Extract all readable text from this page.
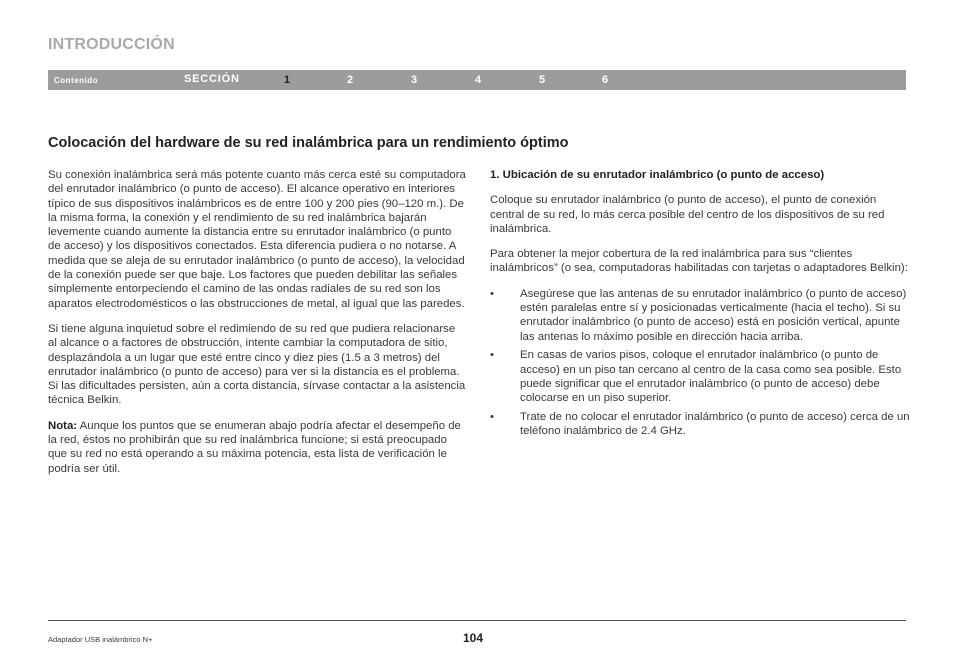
INTRODUCCIÓN
Contenido	SECCIÓN	1	2	3	4	5	6
Colocación del hardware de su red inalámbrica para un rendimiento óptimo

Su conexión inalámbrica será más potente cuanto más cerca esté su computadora del enrutador inalámbrico (o punto de acceso). El alcance operativo en interiores típico de sus dispositivos inalámbricos es de entre 100 y 200 pies (90–120 m.). De la misma forma, la conexión y el rendimiento de su red inalámbrica bajarán levemente cuando aumente la distancia entre su enrutador inalámbrico (o punto de acceso) y los dispositivos conectados. Esta diferencia pudiera o no notarse. A medida que se aleja de su enrutador inalámbrico (o punto de acceso), la velocidad de la conexión puede ser que baje. Los factores que pueden debilitar las señales simplemente entorpeciendo el camino de las ondas radiales de su red son los aparatos electrodomésticos o las obstrucciones de metal, al igual que las paredes.

Si tiene alguna inquietud sobre el redimiendo de su red que pudiera relacionarse al alcance o a factores de obstrucción, intente cambiar la computadora de sitio, desplazándola a un lugar que esté entre cinco y diez pies (1.5 a 3 metros) del enrutador inalámbrico (o punto de acceso) para ver si la distancia es el problema. Si las dificultades persisten, aún a corta distancia, sírvase contactar a la asistencia técnica Belkin.

Nota: Aunque los puntos que se enumeran abajo podría afectar el desempeño de la red, éstos no prohibirán que su red inalámbrica funcione; si está preocupado que su red no está operando a su máxima potencia, esta lista de verificación le podría ser útil.

1. Ubicación de su enrutador inalámbrico (o punto de acceso)

Coloque su enrutador inalámbrico (o punto de acceso), el punto de conexión central de su red, lo más cerca posible del centro de los dispositivos de su red inalámbrica.

Para obtener la mejor cobertura de la red inalámbrica para sus “clientes inalámbricos” (o sea, computadoras habilitadas con tarjetas o adaptadores Belkin):

• Asegúrese que las antenas de su enrutador inalámbrico (o punto de acceso) estén paralelas entre sí y posicionadas verticalmente (hacia el techo). Si su enrutador inalámbrico (o punto de acceso) está en posición vertical, apunte las antenas lo máximo posible en dirección hacia arriba.
• En casas de varios pisos, coloque el enrutador inalámbrico (o punto de acceso) en un piso tan cercano al centro de la casa como sea posible. Esto puede significar que el enrutador inalámbrico (o punto de acceso) debe colocarse en un piso superior.
• Trate de no colocar el enrutador inalámbrico (o punto de acceso) cerca de un teléfono inalámbrico de 2.4 GHz.
Adaptador USB inalámbrico N+	104
